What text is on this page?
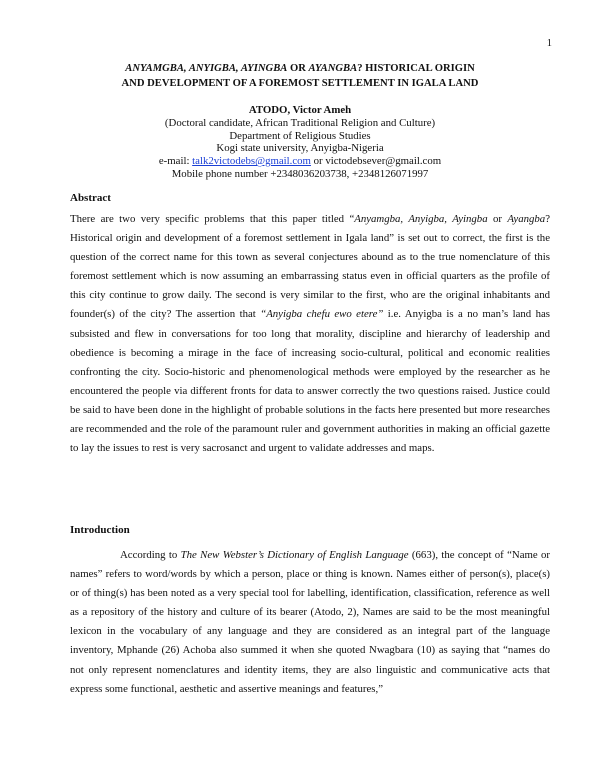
1
ANYAMGBA, ANYIGBA, AYINGBA OR AYANGBA? HISTORICAL ORIGIN
AND DEVELOPMENT OF A FOREMOST SETTLEMENT IN IGALA LAND
ATODO, Victor Ameh
(Doctoral candidate, African Traditional Religion and Culture)
Department of Religious Studies
Kogi state university, Anyigba-Nigeria
e-mail: talk2victodebs@gmail.com or victodebsever@gmail.com
Mobile phone number +2348036203738, +2348126071997
Abstract
There are two very specific problems that this paper titled “Anyamgba, Anyigba, Ayingba or Ayangba? Historical origin and development of a foremost settlement in Igala land” is set out to correct, the first is the question of the correct name for this town as several conjectures abound as to the true nomenclature of this foremost settlement which is now assuming an embarrassing status even in official quarters as the profile of this city continue to grow daily. The second is very similar to the first, who are the original inhabitants and founder(s) of the city? The assertion that “Anyigba chefu ewo etere” i.e. Anyigba is a no man’s land has subsisted and flew in conversations for too long that morality, discipline and hierarchy of leadership and obedience is becoming a mirage in the face of increasing socio-cultural, political and economic realities confronting the city. Socio-historic and phenomenological methods were employed by the researcher as he encountered the people via different fronts for data to answer correctly the two questions raised. Justice could be said to have been done in the highlight of probable solutions in the facts here presented but more researches are recommended and the role of the paramount ruler and government authorities in making an official gazette to lay the issues to rest is very sacrosanct and urgent to validate addresses and maps.
Introduction
According to The New Webster’s Dictionary of English Language (663), the concept of “Name or names” refers to word/words by which a person, place or thing is known. Names either of person(s), place(s) or of thing(s) has been noted as a very special tool for labelling, identification, classification, reference as well as a repository of the history and culture of its bearer (Atodo, 2), Names are said to be the most meaningful lexicon in the vocabulary of any language and they are considered as an integral part of the language inventory, Mphande (26) Achoba also summed it when she quoted Nwagbara (10) as saying that “names do not only represent nomenclatures and identity items, they are also linguistic and communicative acts that express some functional, aesthetic and assertive meanings and features,”
